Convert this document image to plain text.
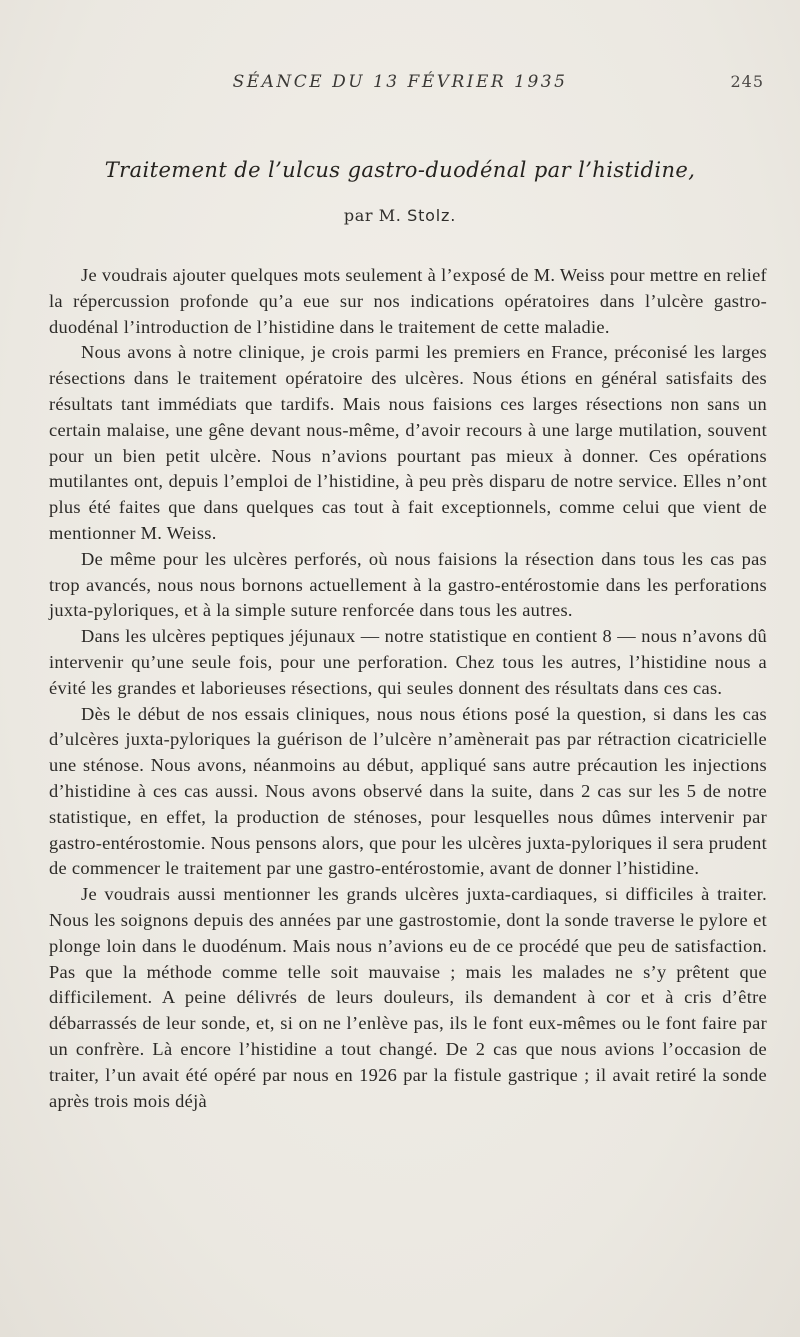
SÉANCE DU 13 FÉVRIER 1935	245
Traitement de l’ulcus gastro-duodénal par l’histidine,
par M. Stolz.

Je voudrais ajouter quelques mots seulement à l’exposé de M. Weiss pour mettre en relief la répercussion profonde qu’a eue sur nos indications opératoires dans l’ulcère gastro-duodénal l’introduction de l’histidine dans le traitement de cette maladie.

Nous avons à notre clinique, je crois parmi les premiers en France, préconisé les larges résections dans le traitement opératoire des ulcères. Nous étions en général satisfaits des résultats tant immédiats que tardifs. Mais nous faisions ces larges résections non sans un certain malaise, une gêne devant nous-même, d’avoir recours à une large mutilation, souvent pour un bien petit ulcère. Nous n’avions pourtant pas mieux à donner. Ces opérations mutilantes ont, depuis l’emploi de l’histidine, à peu près disparu de notre service. Elles n’ont plus été faites que dans quelques cas tout à fait exceptionnels, comme celui que vient de mentionner M. Weiss.

De même pour les ulcères perforés, où nous faisions la résection dans tous les cas pas trop avancés, nous nous bornons actuellement à la gastro-entérostomie dans les perforations juxta-pyloriques, et à la simple suture renforcée dans tous les autres.

Dans les ulcères peptiques jéjunaux — notre statistique en contient 8 — nous n’avons dû intervenir qu’une seule fois, pour une perforation. Chez tous les autres, l’histidine nous a évité les grandes et laborieuses résections, qui seules donnent des résultats dans ces cas.

Dès le début de nos essais cliniques, nous nous étions posé la question, si dans les cas d’ulcères juxta-pyloriques la guérison de l’ulcère n’amènerait pas par rétraction cicatricielle une sténose. Nous avons, néanmoins au début, appliqué sans autre précaution les injections d’histidine à ces cas aussi. Nous avons observé dans la suite, dans 2 cas sur les 5 de notre statistique, en effet, la production de sténoses, pour lesquelles nous dûmes intervenir par gastro-entérostomie. Nous pensons alors, que pour les ulcères juxta-pyloriques il sera prudent de commencer le traitement par une gastro-entérostomie, avant de donner l’histidine.

Je voudrais aussi mentionner les grands ulcères juxta-cardiaques, si difficiles à traiter. Nous les soignons depuis des années par une gastrostomie, dont la sonde traverse le pylore et plonge loin dans le duodénum. Mais nous n’avions eu de ce procédé que peu de satisfaction. Pas que la méthode comme telle soit mauvaise ; mais les malades ne s’y prêtent que difficilement. A peine délivrés de leurs douleurs, ils demandent à cor et à cris d’être débarrassés de leur sonde, et, si on ne l’enlève pas, ils le font eux-mêmes ou le font faire par un confrère. Là encore l’histidine a tout changé. De 2 cas que nous avions l’occasion de traiter, l’un avait été opéré par nous en 1926 par la fistule gastrique ; il avait retiré la sonde après trois mois déjà
